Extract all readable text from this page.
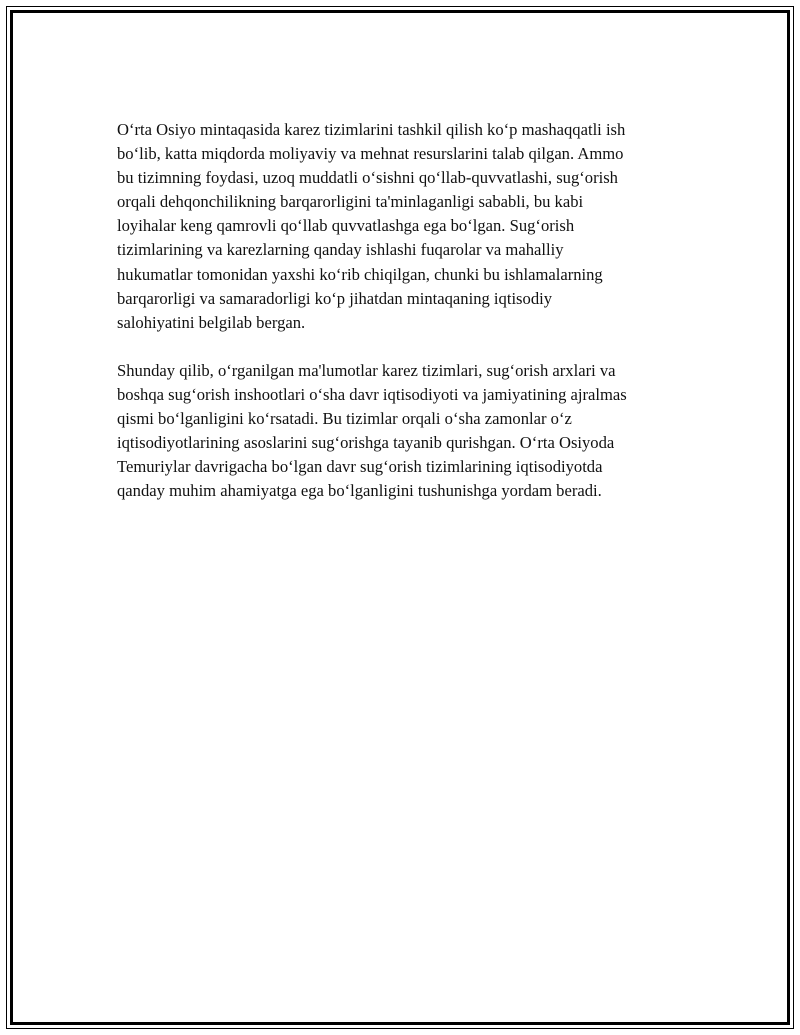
O‘rta Osiyo mintaqasida karez tizimlarini tashkil qilish ko‘p mashaqqatli ish
bo‘lib, katta miqdorda moliyaviy va mehnat resurslarini talab qilgan. Ammo
bu tizimning foydasi, uzoq muddatli o‘sishni qo‘llab-quvvatlashi, sug‘orish
orqali dehqonchilikning barqarorligini ta'minlaganligi sababli, bu kabi
loyihalar keng qamrovli qo‘llab quvvatlashga ega bo‘lgan. Sug‘orish
tizimlarining va karezlarning qanday ishlashi fuqarolar va mahalliy
hukumatlar tomonidan yaxshi ko‘rib chiqilgan, chunki bu ishlamalarning
barqarorligi va samaradorligi ko‘p jihatdan mintaqaning iqtisodiy
salohiyatini belgilab bergan.

Shunday qilib, o‘rganilgan ma'lumotlar karez tizimlari, sug‘orish arxlari va
boshqa sug‘orish inshootlari o‘sha davr iqtisodiyoti va jamiyatining ajralmas
qismi bo‘lganligini ko‘rsatadi. Bu tizimlar orqali o‘sha zamonlar o‘z
iqtisodiyotlarining asoslarini sug‘orishga tayanib qurishgan. O‘rta Osiyoda
Temuriylar davrigacha bo‘lgan davr sug‘orish tizimlarining iqtisodiyotda
qanday muhim ahamiyatga ega bo‘lganligini tushunishga yordam beradi.
